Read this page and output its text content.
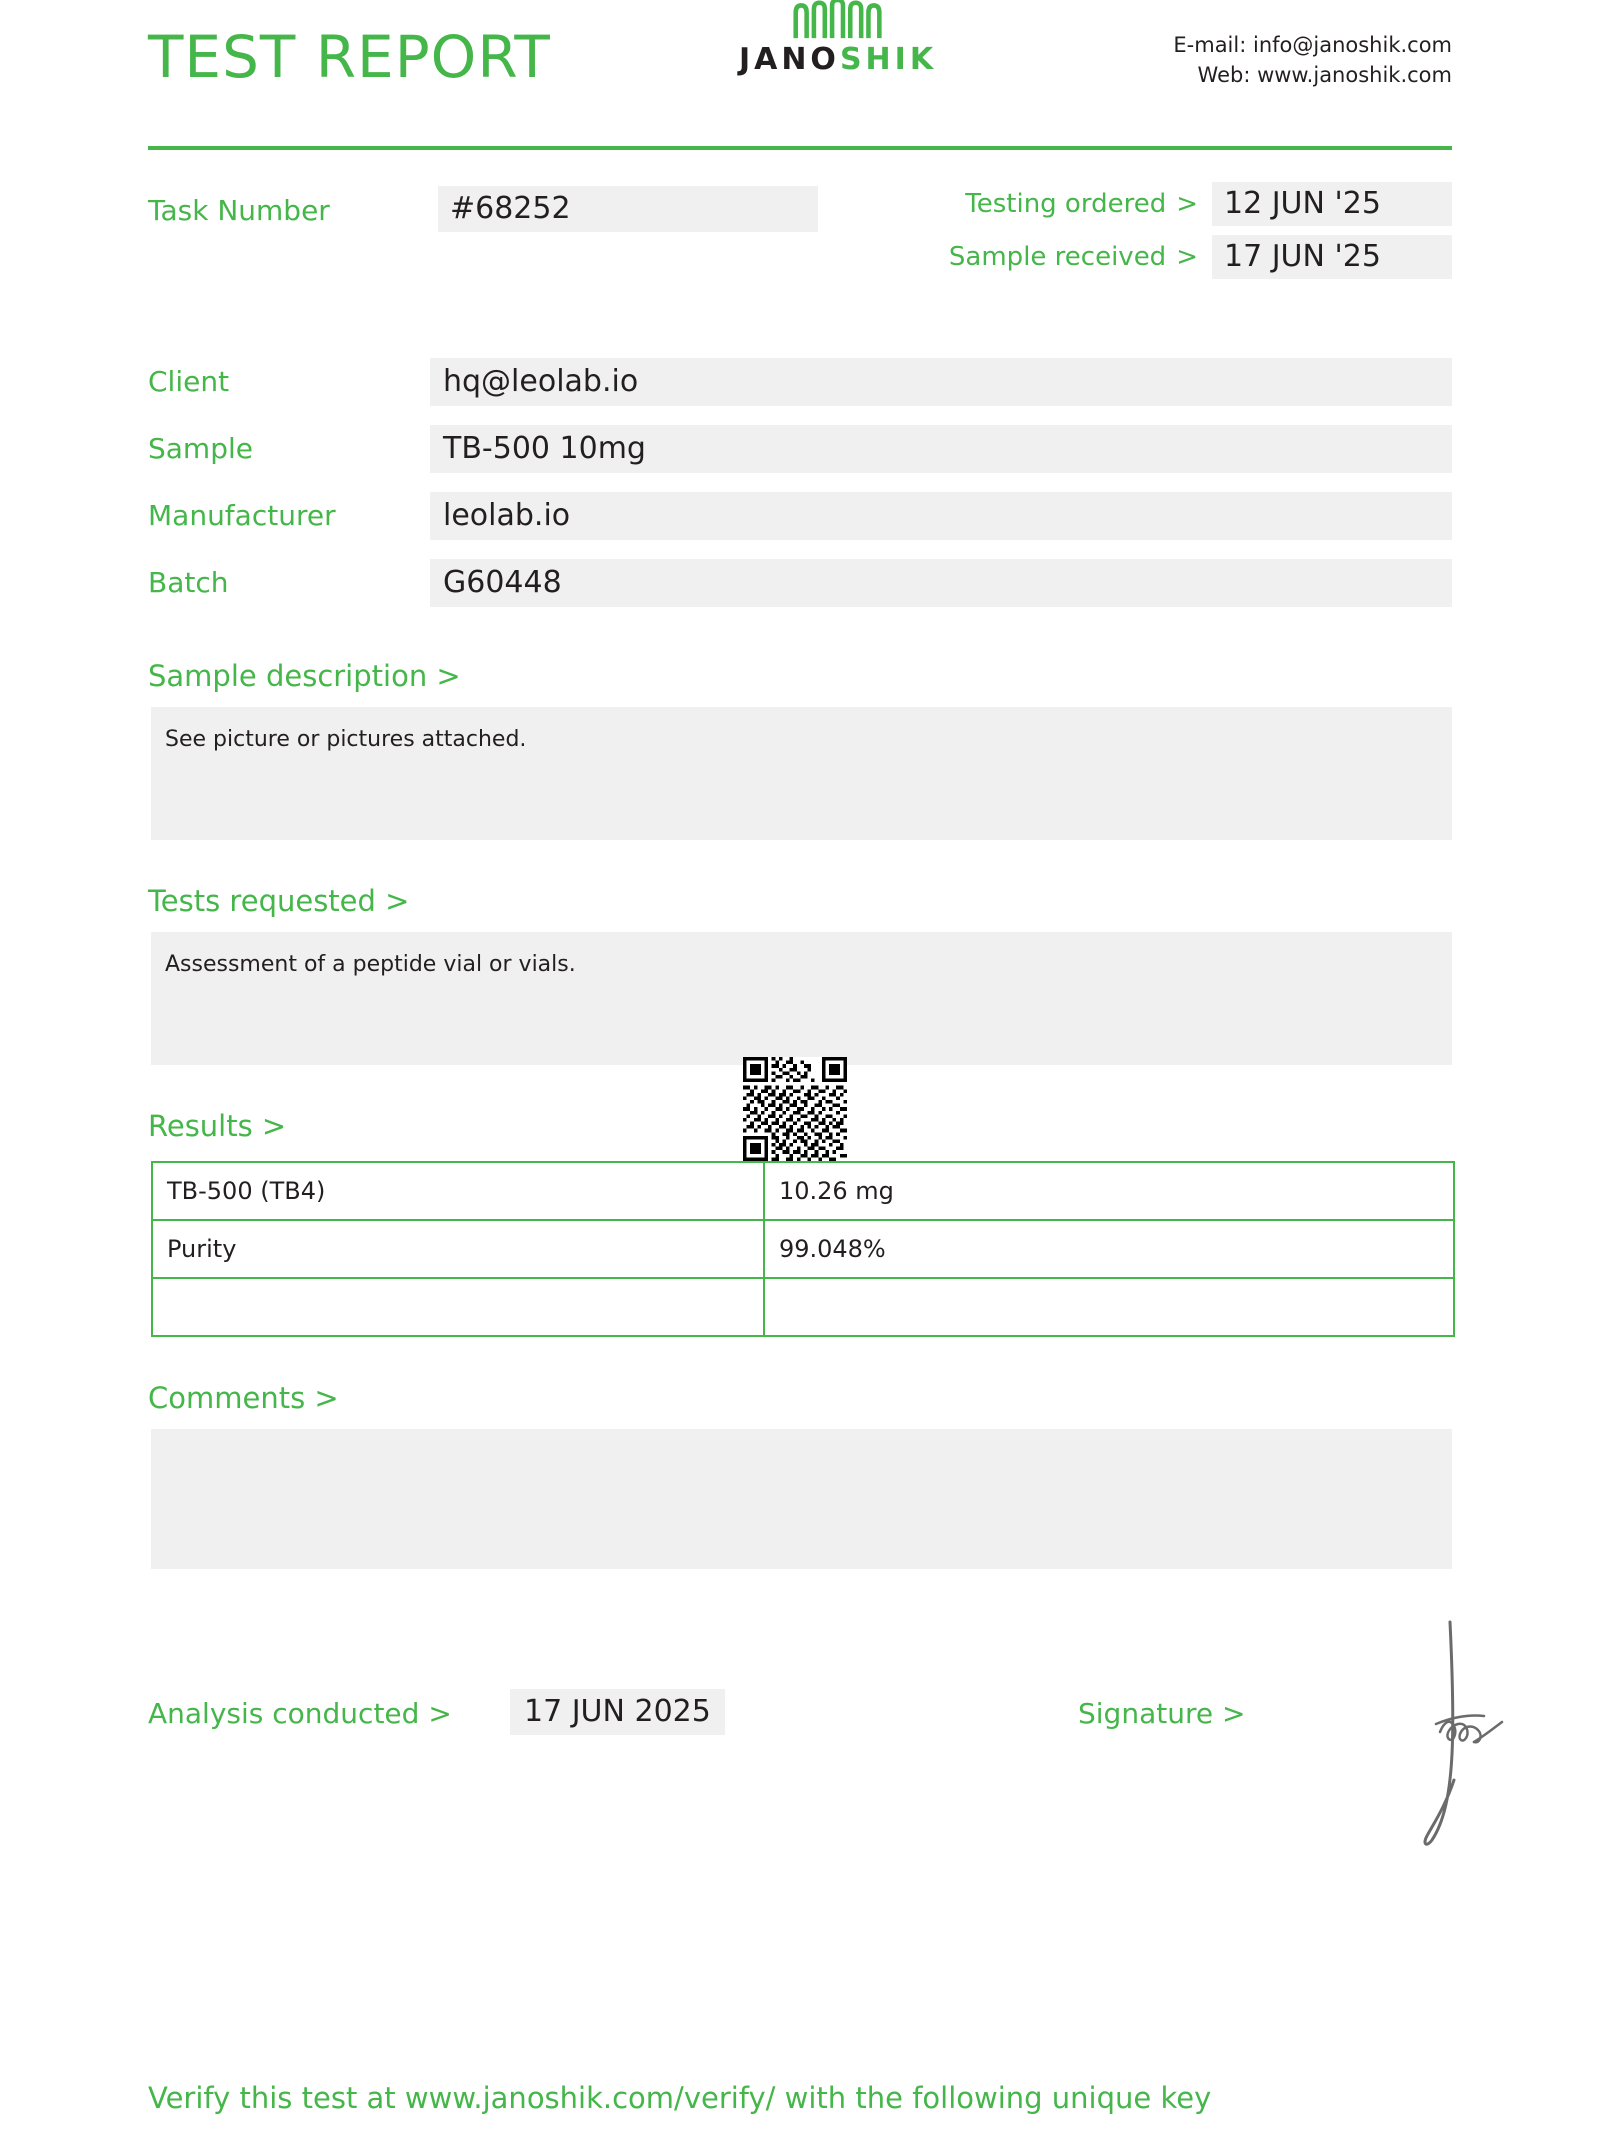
TEST REPORT	JANOSHIK	E-mail: info@janoshik.com
Web: www.janoshik.com
Task Number	#68252	Testing ordered > 12 JUN '25
Sample received > 17 JUN '25
Client	hq@leolab.io
Sample	TB-500 10mg
Manufacturer	leolab.io
Batch	G60448
Sample description >
See picture or pictures attached.
Tests requested >
Assessment of a peptide vial or vials.
Results >
TB-500 (TB4)	10.26 mg
Purity	99.048%

Comments >
Analysis conducted >	17 JUN 2025	Signature >
Verify this test at www.janoshik.com/verify/ with the following unique key
